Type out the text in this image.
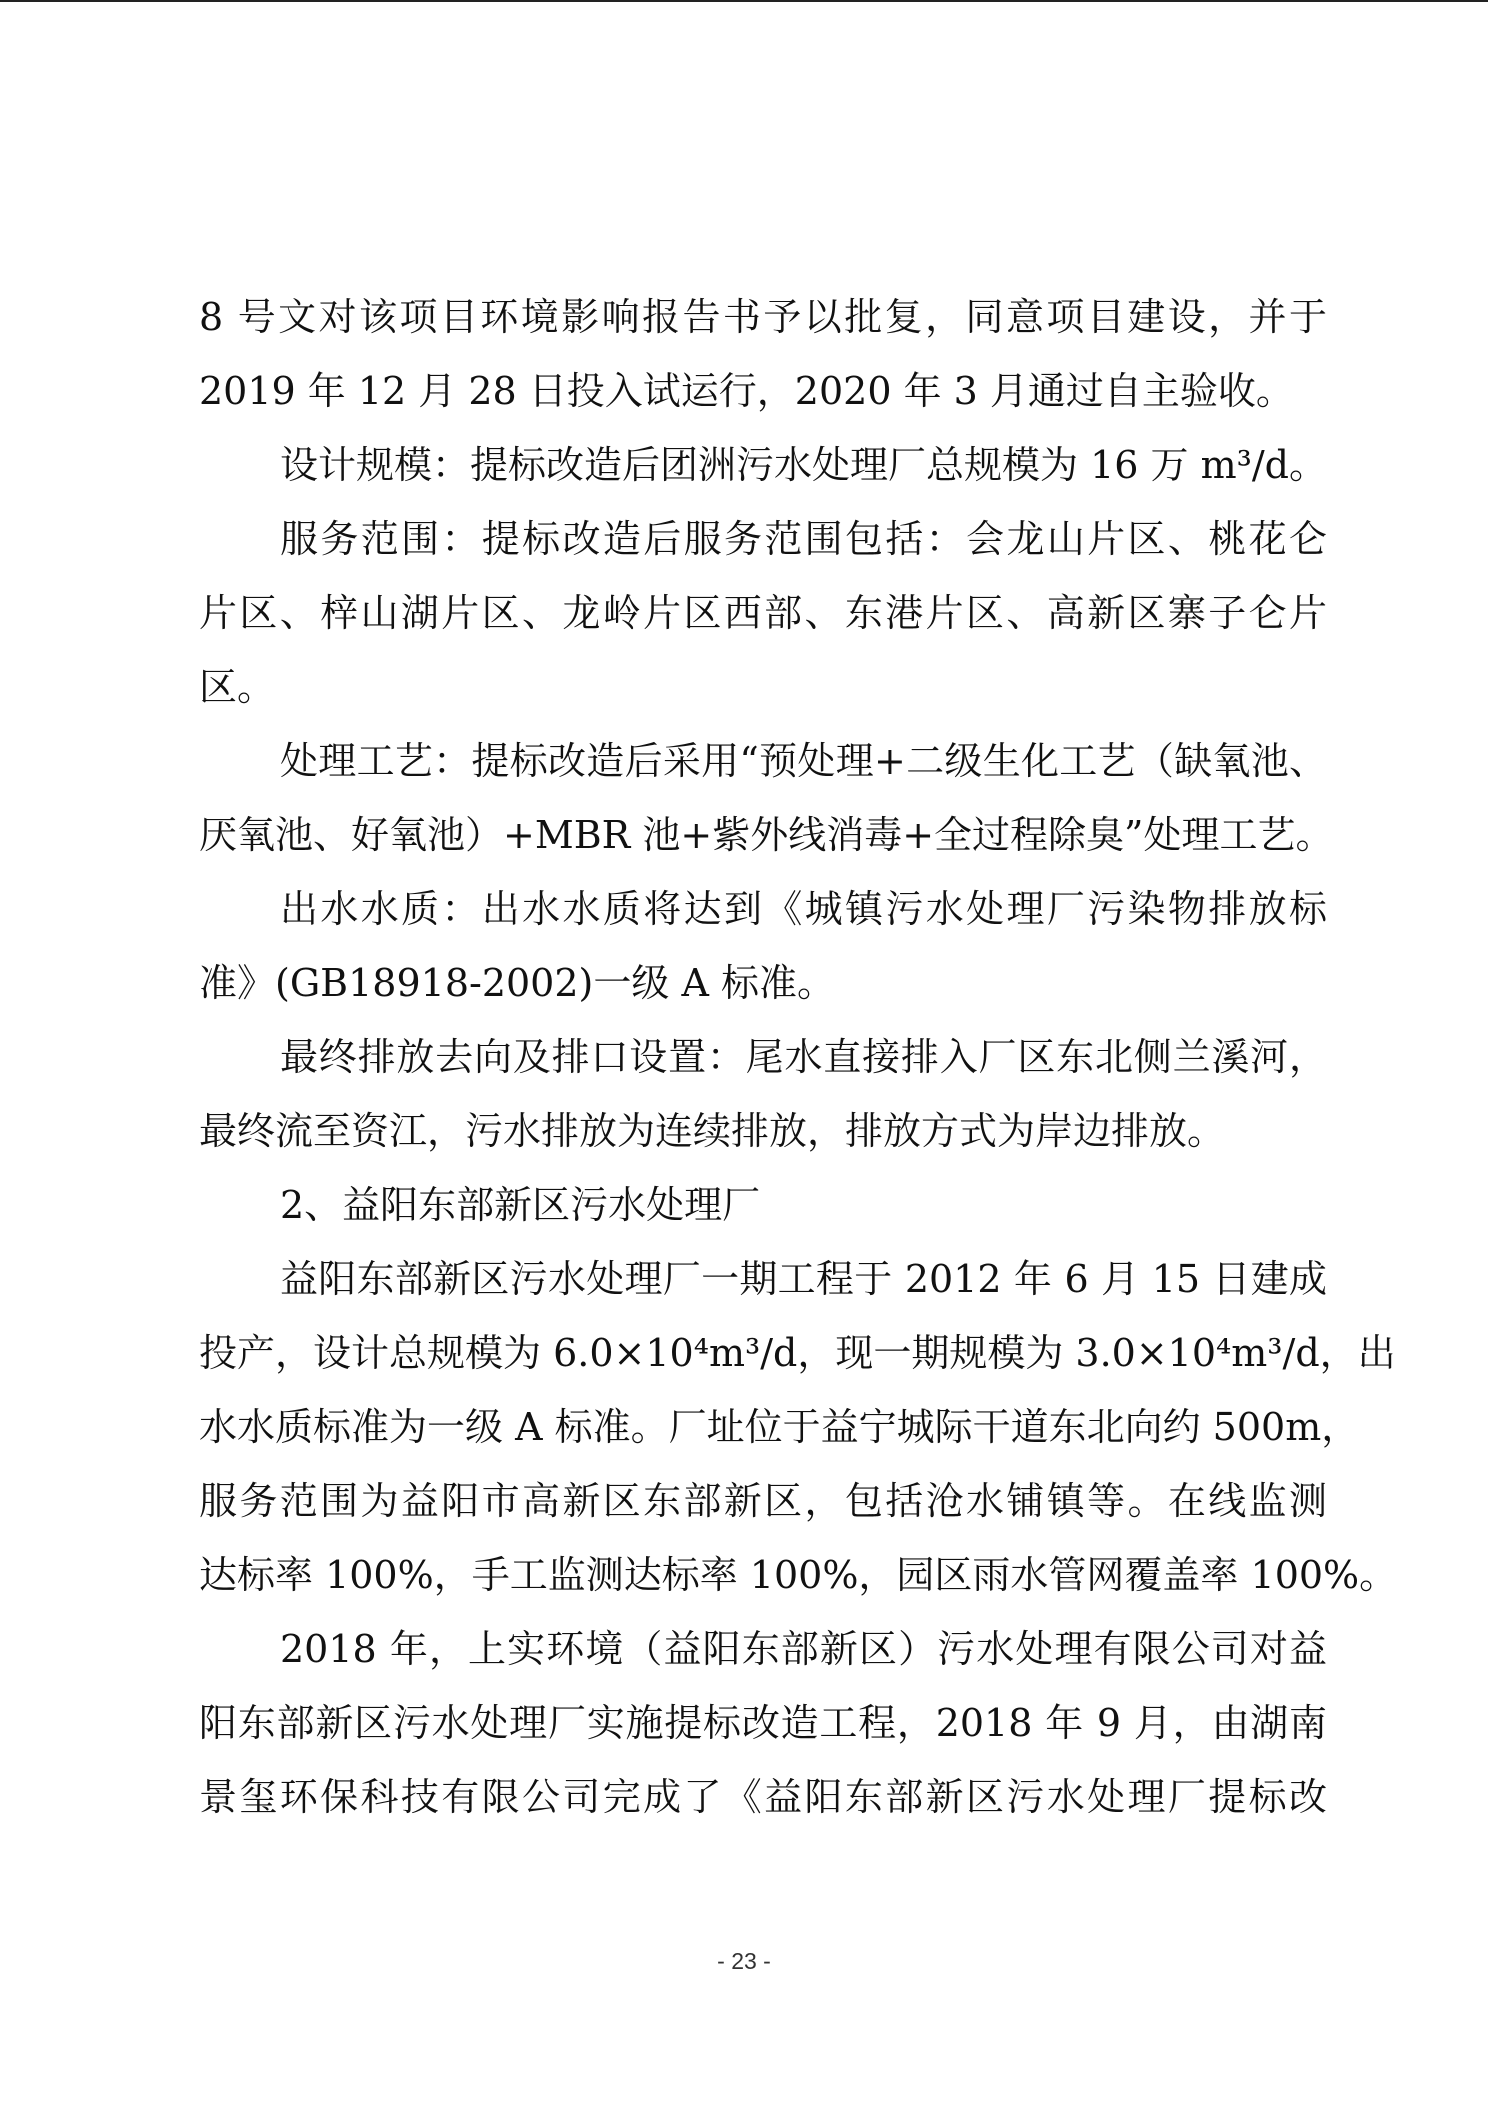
8 号文对该项目环境影响报告书予以批复，同意项目建设，并于
2019 年 12 月 28 日投入试运行，2020 年 3 月通过自主验收。
设计规模：提标改造后团洲污水处理厂总规模为 16 万 m³/d。
服务范围：提标改造后服务范围包括：会龙山片区、桃花仑
片区、梓山湖片区、龙岭片区西部、东港片区、高新区寨子仑片
区。
处理工艺：提标改造后采用“预处理+二级生化工艺（缺氧池、
厌氧池、好氧池）+MBR 池+紫外线消毒+全过程除臭”处理工艺。
出水水质：出水水质将达到《城镇污水处理厂污染物排放标
准》(GB18918-2002)一级 A 标准。
最终排放去向及排口设置：尾水直接排入厂区东北侧兰溪河，
最终流至资江，污水排放为连续排放，排放方式为岸边排放。
2、益阳东部新区污水处理厂
益阳东部新区污水处理厂一期工程于 2012 年 6 月 15 日建成
投产，设计总规模为 6.0×10⁴m³/d，现一期规模为 3.0×10⁴m³/d，出
水水质标准为一级 A 标准。厂址位于益宁城际干道东北向约 500m，
服务范围为益阳市高新区东部新区，包括沧水铺镇等。在线监测
达标率 100%，手工监测达标率 100%，园区雨水管网覆盖率 100%。
2018 年，上实环境（益阳东部新区）污水处理有限公司对益
阳东部新区污水处理厂实施提标改造工程，2018 年 9 月，由湖南
景玺环保科技有限公司完成了《益阳东部新区污水处理厂提标改
- 23 -
